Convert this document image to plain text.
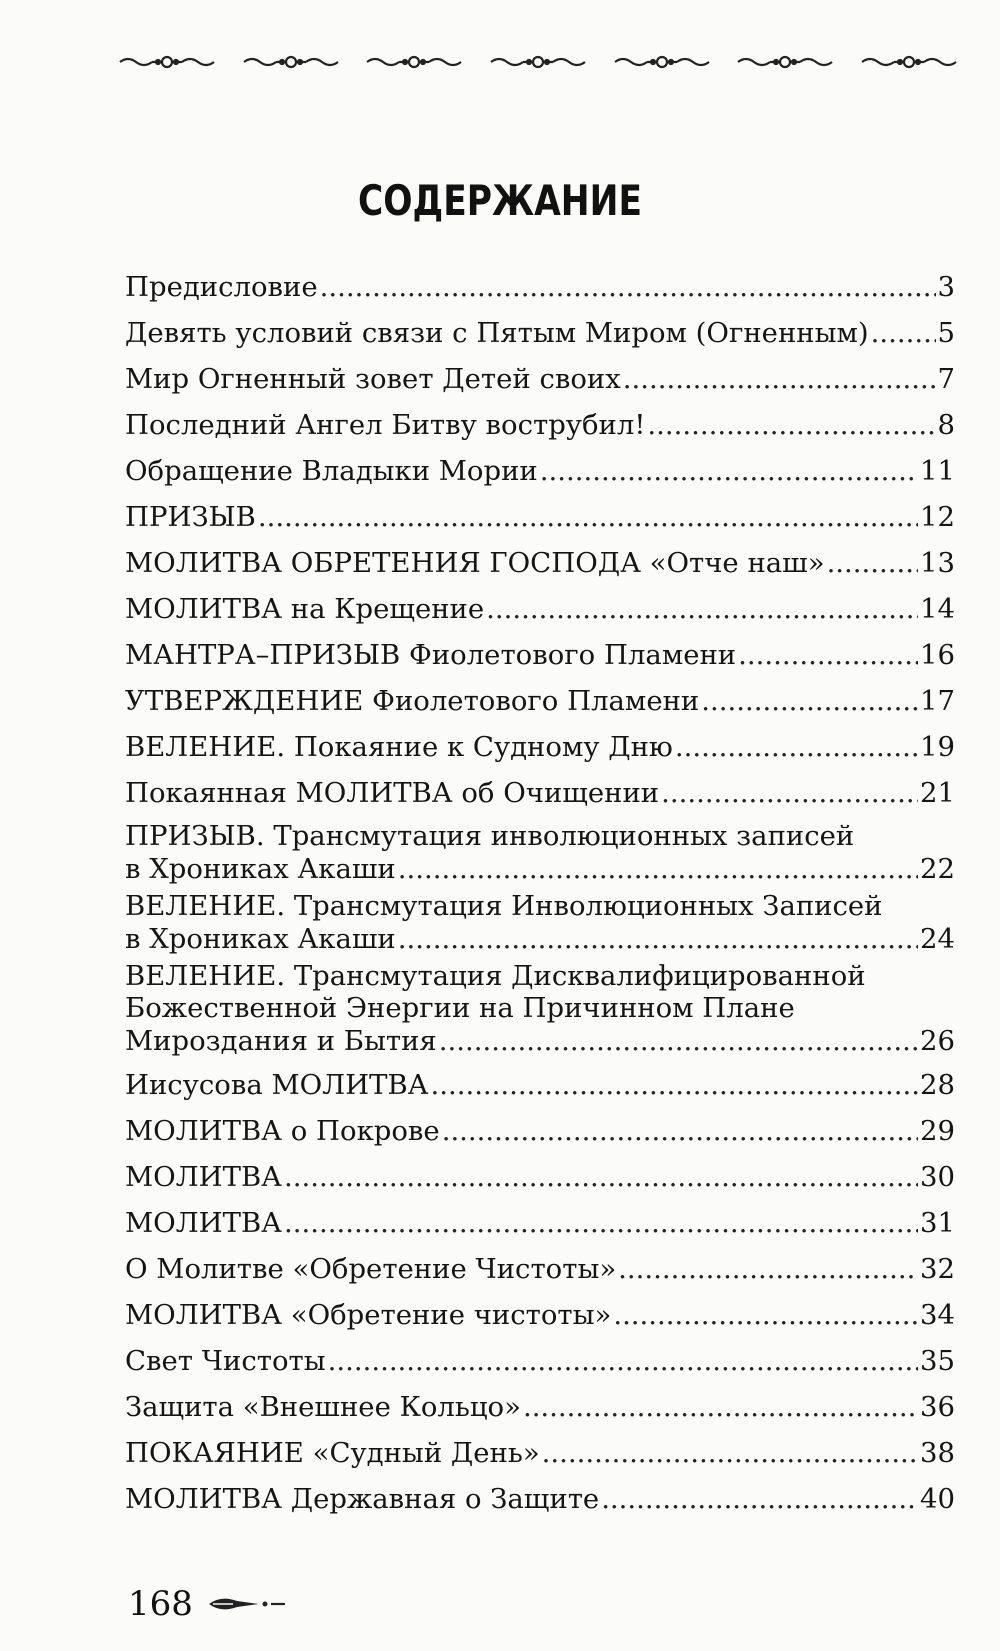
СОДЕРЖАНИЕ
Предисловие .....	3
Девять условий связи с Пятым Миром (Огненным) .....	5
Мир Огненный зовет Детей своих .....	7
Последний Ангел Битву вострубил! .....	8
Обращение Владыки Мории .....	11
ПРИЗЫВ .....	12
МОЛИТВА ОБРЕТЕНИЯ ГОСПОДА «Отче наш» .....	13
МОЛИТВА на Крещение .....	14
МАНТРА–ПРИЗЫВ Фиолетового Пламени .....	16
УТВЕРЖДЕНИЕ Фиолетового Пламени .....	17
ВЕЛЕНИЕ. Покаяние к Судному Дню .....	19
Покаянная МОЛИТВА об Очищении .....	21
ПРИЗЫВ. Трансмутация инволюционных записей
в Хрониках Акаши .....	22
ВЕЛЕНИЕ. Трансмутация Инволюционных Записей
в Хрониках Акаши .....	24
ВЕЛЕНИЕ. Трансмутация Дисквалифицированной
Божественной Энергии на Причинном Плане
Мироздания и Бытия .....	26
Иисусова МОЛИТВА .....	28
МОЛИТВА о Покрове .....	29
МОЛИТВА .....	30
МОЛИТВА .....	31
О Молитве «Обретение Чистоты» .....	32
МОЛИТВА «Обретение чистоты» .....	34
Свет Чистоты .....	35
Защита «Внешнее Кольцо» .....	36
ПОКАЯНИЕ «Судный День» .....	38
МОЛИТВА Державная о Защите .....	40
168
